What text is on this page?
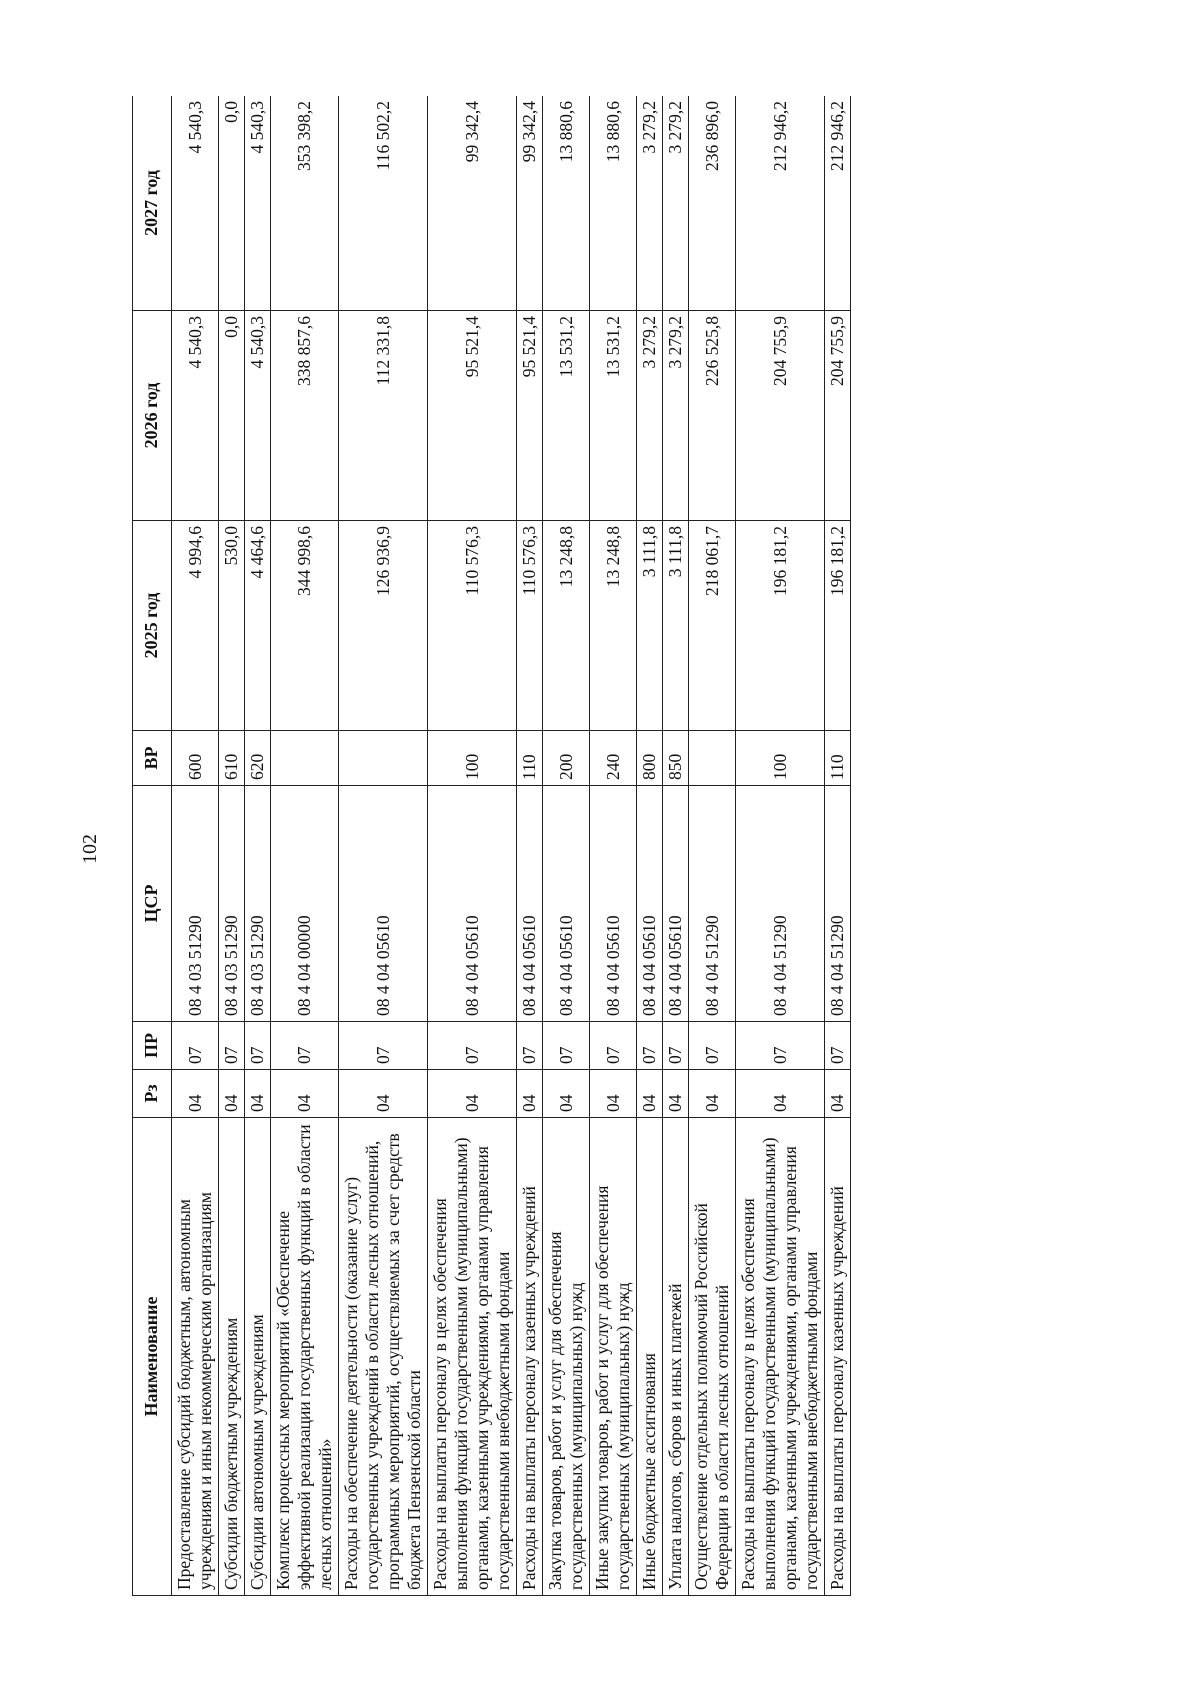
102
Наименование	Рз	ПР	ЦСР	ВР	2025 год	2026 год	2027 год
Предоставление субсидий бюджетным, автономным учреждениям и иным некоммерческим организациям	04	07	08 4 03 51290	600	4 994,6	4 540,3	4 540,3
Субсидии бюджетным учреждениям	04	07	08 4 03 51290	610	530,0	0,0	0,0
Субсидии автономным учреждениям	04	07	08 4 03 51290	620	4 464,6	4 540,3	4 540,3
Комплекс процессных мероприятий «Обеспечение эффективной реализации государственных функций в области лесных отношений»	04	07	08 4 04 00000		344 998,6	338 857,6	353 398,2
Расходы на обеспечение деятельности (оказание услуг) государственных учреждений в области лесных отношений, программных мероприятий, осуществляемых за счет средств бюджета Пензенской области	04	07	08 4 04 05610		126 936,9	112 331,8	116 502,2
Расходы на выплаты персоналу в целях обеспечения выполнения функций государственными (муниципальными) органами, казенными учреждениями, органами управления государственными внебюджетными фондами	04	07	08 4 04 05610	100	110 576,3	95 521,4	99 342,4
Расходы на выплаты персоналу казенных учреждений	04	07	08 4 04 05610	110	110 576,3	95 521,4	99 342,4
Закупка товаров, работ и услуг для обеспечения государственных (муниципальных) нужд	04	07	08 4 04 05610	200	13 248,8	13 531,2	13 880,6
Иные закупки товаров, работ и услуг для обеспечения государственных (муниципальных) нужд	04	07	08 4 04 05610	240	13 248,8	13 531,2	13 880,6
Иные бюджетные ассигнования	04	07	08 4 04 05610	800	3 111,8	3 279,2	3 279,2
Уплата налогов, сборов и иных платежей	04	07	08 4 04 05610	850	3 111,8	3 279,2	3 279,2
Осуществление отдельных полномочий Российской Федерации в области лесных отношений	04	07	08 4 04 51290		218 061,7	226 525,8	236 896,0
Расходы на выплаты персоналу в целях обеспечения выполнения функций государственными (муниципальными) органами, казенными учреждениями, органами управления государственными внебюджетными фондами	04	07	08 4 04 51290	100	196 181,2	204 755,9	212 946,2
Расходы на выплаты персоналу казенных учреждений	04	07	08 4 04 51290	110	196 181,2	204 755,9	212 946,2
